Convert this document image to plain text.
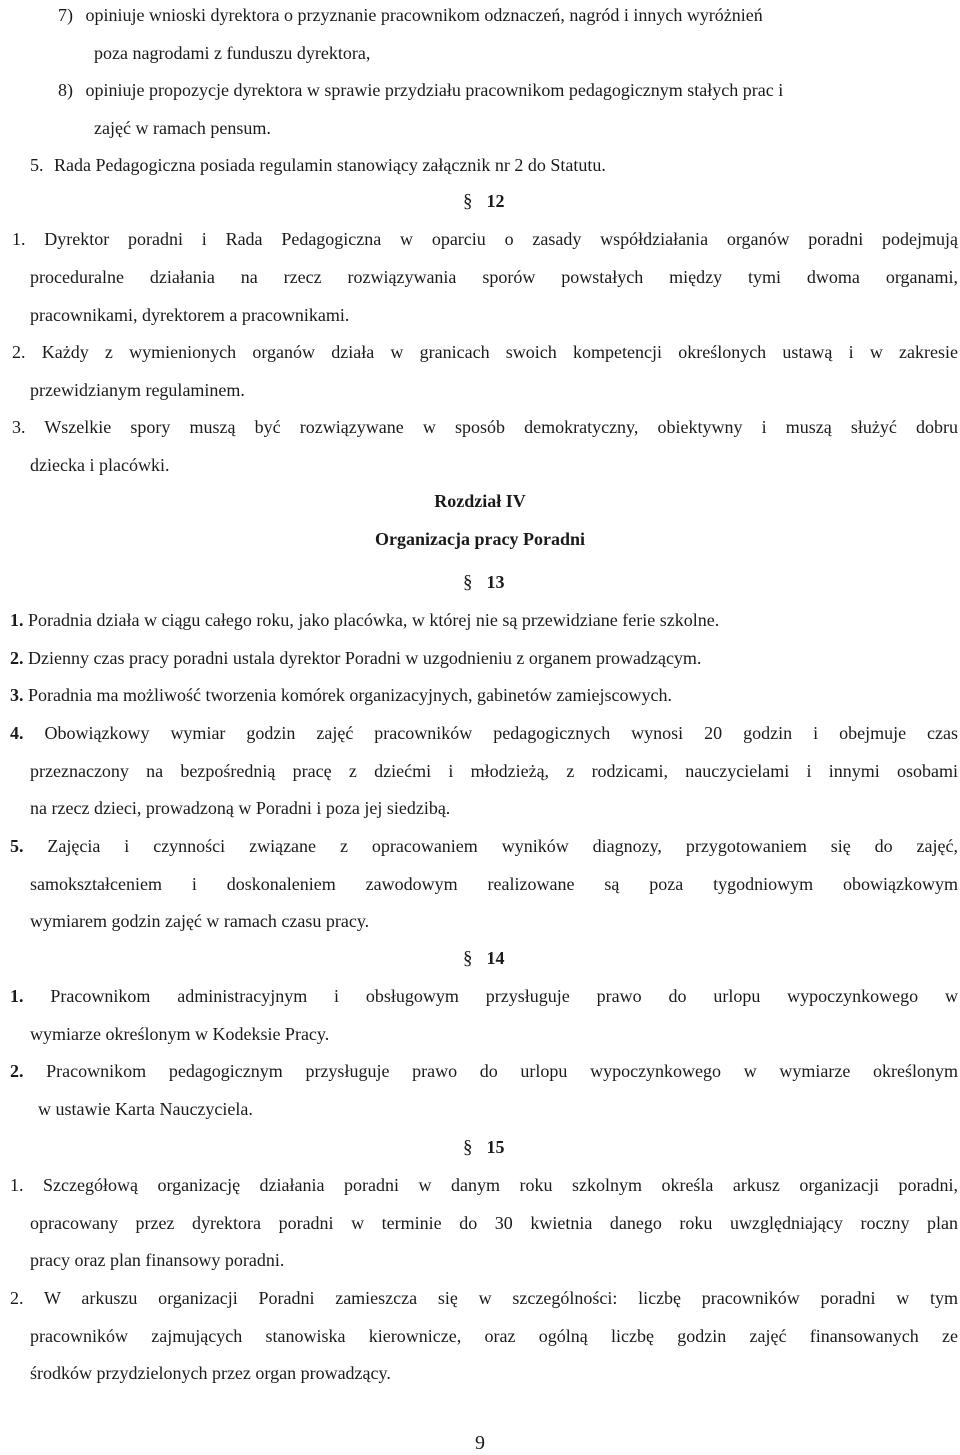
7) opiniuje wnioski dyrektora o przyznanie pracownikom odznaczeń, nagród i innych wyróżnień
poza nagrodami z funduszu dyrektora,
8) opiniuje propozycje dyrektora w sprawie przydziału pracownikom pedagogicznym stałych prac i
zajęć w ramach pensum.
5. Rada Pedagogiczna posiada regulamin stanowiący załącznik nr 2 do Statutu.
§ 12
1. Dyrektor poradni i Rada Pedagogiczna w oparciu o zasady współdziałania organów poradni podejmują
proceduralne działania na rzecz rozwiązywania sporów powstałych między tymi dwoma organami,
pracownikami, dyrektorem a pracownikami.
2. Każdy z wymienionych organów działa w granicach swoich kompetencji określonych ustawą i w zakresie
przewidzianym regulaminem.
3. Wszelkie spory muszą być rozwiązywane w sposób demokratyczny, obiektywny i muszą służyć dobru
dziecka i placówki.
Rozdział IV
Organizacja pracy Poradni
§ 13
1. Poradnia działa w ciągu całego roku, jako placówka, w której nie są przewidziane ferie szkolne.
2. Dzienny czas pracy poradni ustala dyrektor Poradni w uzgodnieniu z organem prowadzącym.
3. Poradnia ma możliwość tworzenia komórek organizacyjnych, gabinetów zamiejscowych.
4. Obowiązkowy wymiar godzin zajęć pracowników pedagogicznych wynosi 20 godzin i obejmuje czas
przeznaczony na bezpośrednią pracę z dziećmi i młodzieżą, z rodzicami, nauczycielami i innymi osobami
na rzecz dzieci, prowadzoną w Poradni i poza jej siedzibą.
5. Zajęcia i czynności związane z opracowaniem wyników diagnozy, przygotowaniem się do zajęć,
samokształceniem i doskonaleniem zawodowym realizowane są poza tygodniowym obowiązkowym
wymiarem godzin zajęć w ramach czasu pracy.
§ 14
1. Pracownikom administracyjnym i obsługowym przysługuje prawo do urlopu wypoczynkowego w
wymiarze określonym w Kodeksie Pracy.
2. Pracownikom pedagogicznym przysługuje prawo do urlopu wypoczynkowego w wymiarze określonym
w ustawie Karta Nauczyciela.
§ 15
1. Szczegółową organizację działania poradni w danym roku szkolnym określa arkusz organizacji poradni,
opracowany przez dyrektora poradni w terminie do 30 kwietnia danego roku uwzględniający roczny plan
pracy oraz plan finansowy poradni.
2. W arkuszu organizacji Poradni zamieszcza się w szczególności: liczbę pracowników poradni w tym
pracowników zajmujących stanowiska kierownicze, oraz ogólną liczbę godzin zajęć finansowanych ze
środków przydzielonych przez organ prowadzący.
9
